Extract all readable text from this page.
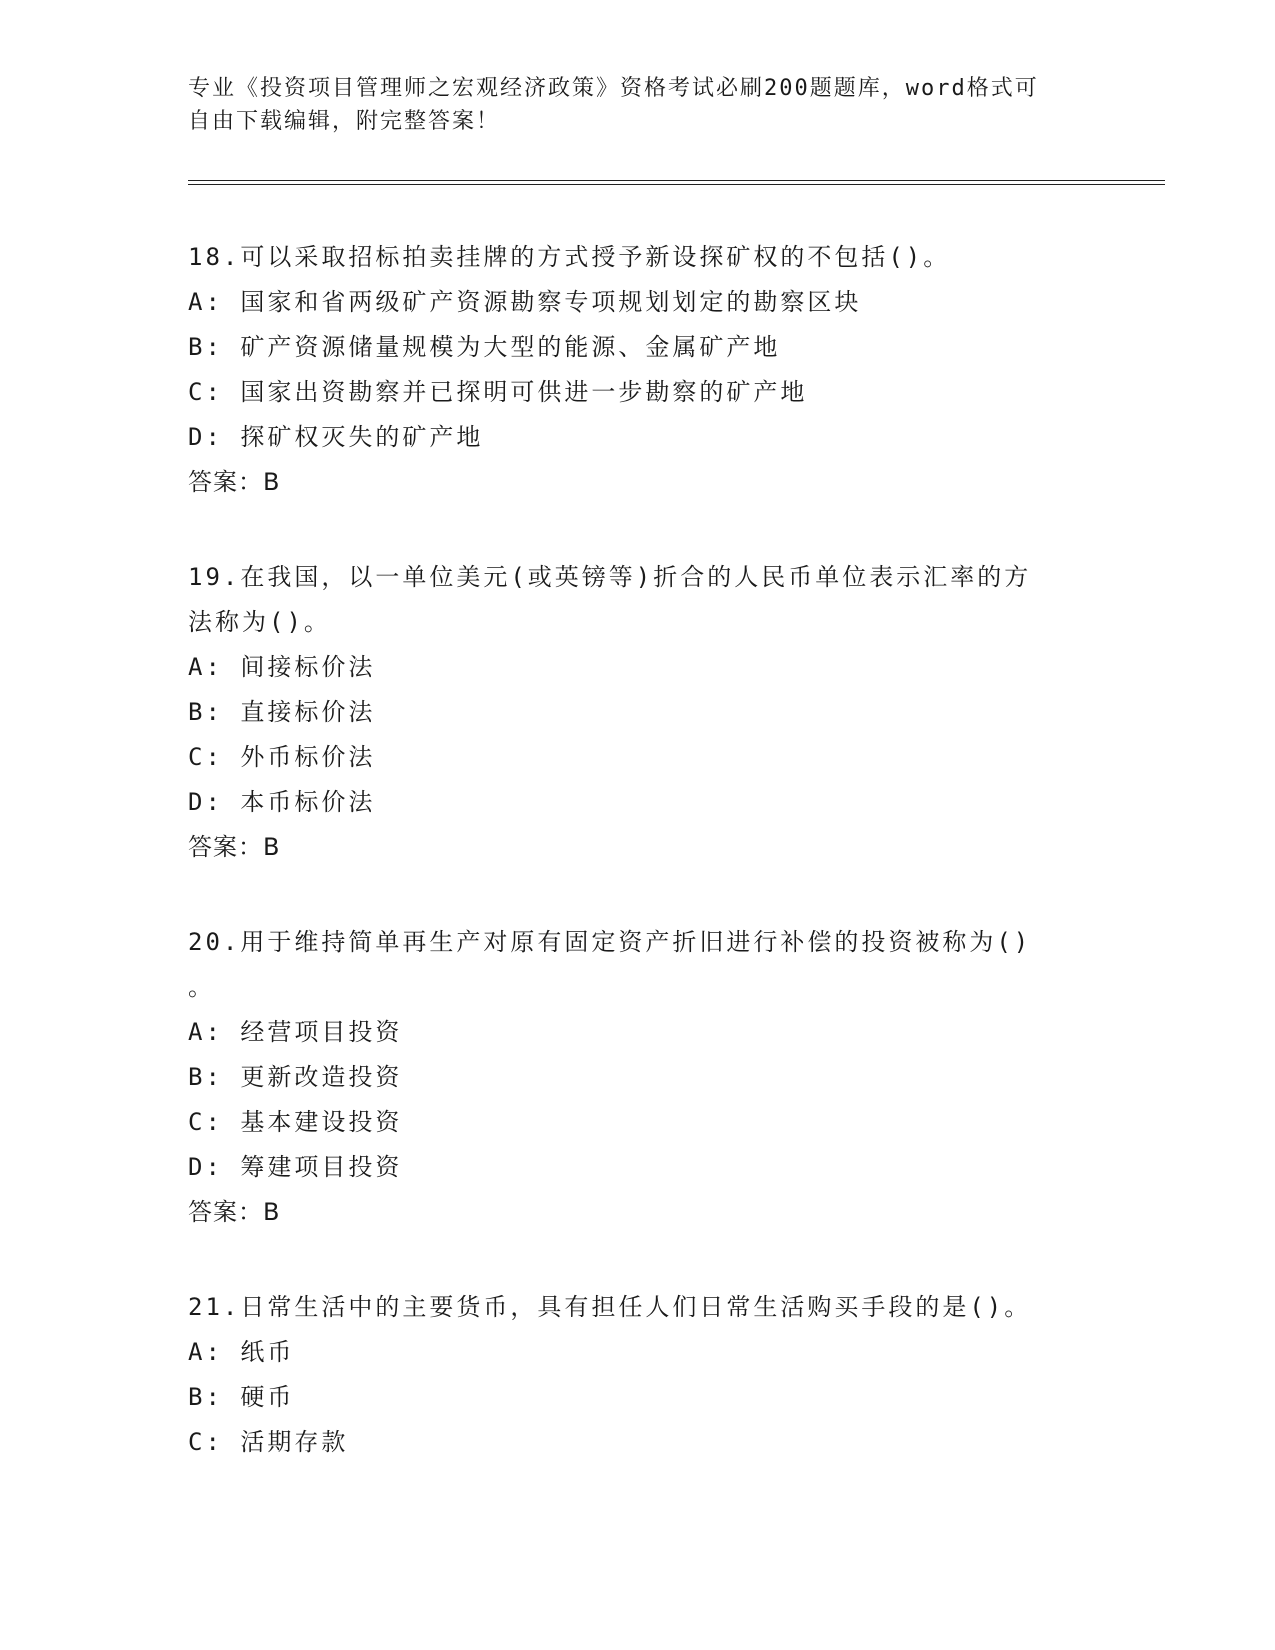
专业《投资项目管理师之宏观经济政策》资格考试必刷200题题库，word格式可
自由下载编辑，附完整答案！

18.可以采取招标拍卖挂牌的方式授予新设探矿权的不包括()。

A: 国家和省两级矿产资源勘察专项规划划定的勘察区块

B: 矿产资源储量规模为大型的能源、金属矿产地

C: 国家出资勘察并已探明可供进一步勘察的矿产地

D: 探矿权灭失的矿产地

答案：B

19.在我国，以一单位美元(或英镑等)折合的人民币单位表示汇率的方

法称为()。

A: 间接标价法

B: 直接标价法

C: 外币标价法

D: 本币标价法

答案：B

20.用于维持简单再生产对原有固定资产折旧进行补偿的投资被称为()

。

A: 经营项目投资

B: 更新改造投资

C: 基本建设投资

D: 筹建项目投资

答案：B

21.日常生活中的主要货币，具有担任人们日常生活购买手段的是()。

A: 纸币

B: 硬币

C: 活期存款
